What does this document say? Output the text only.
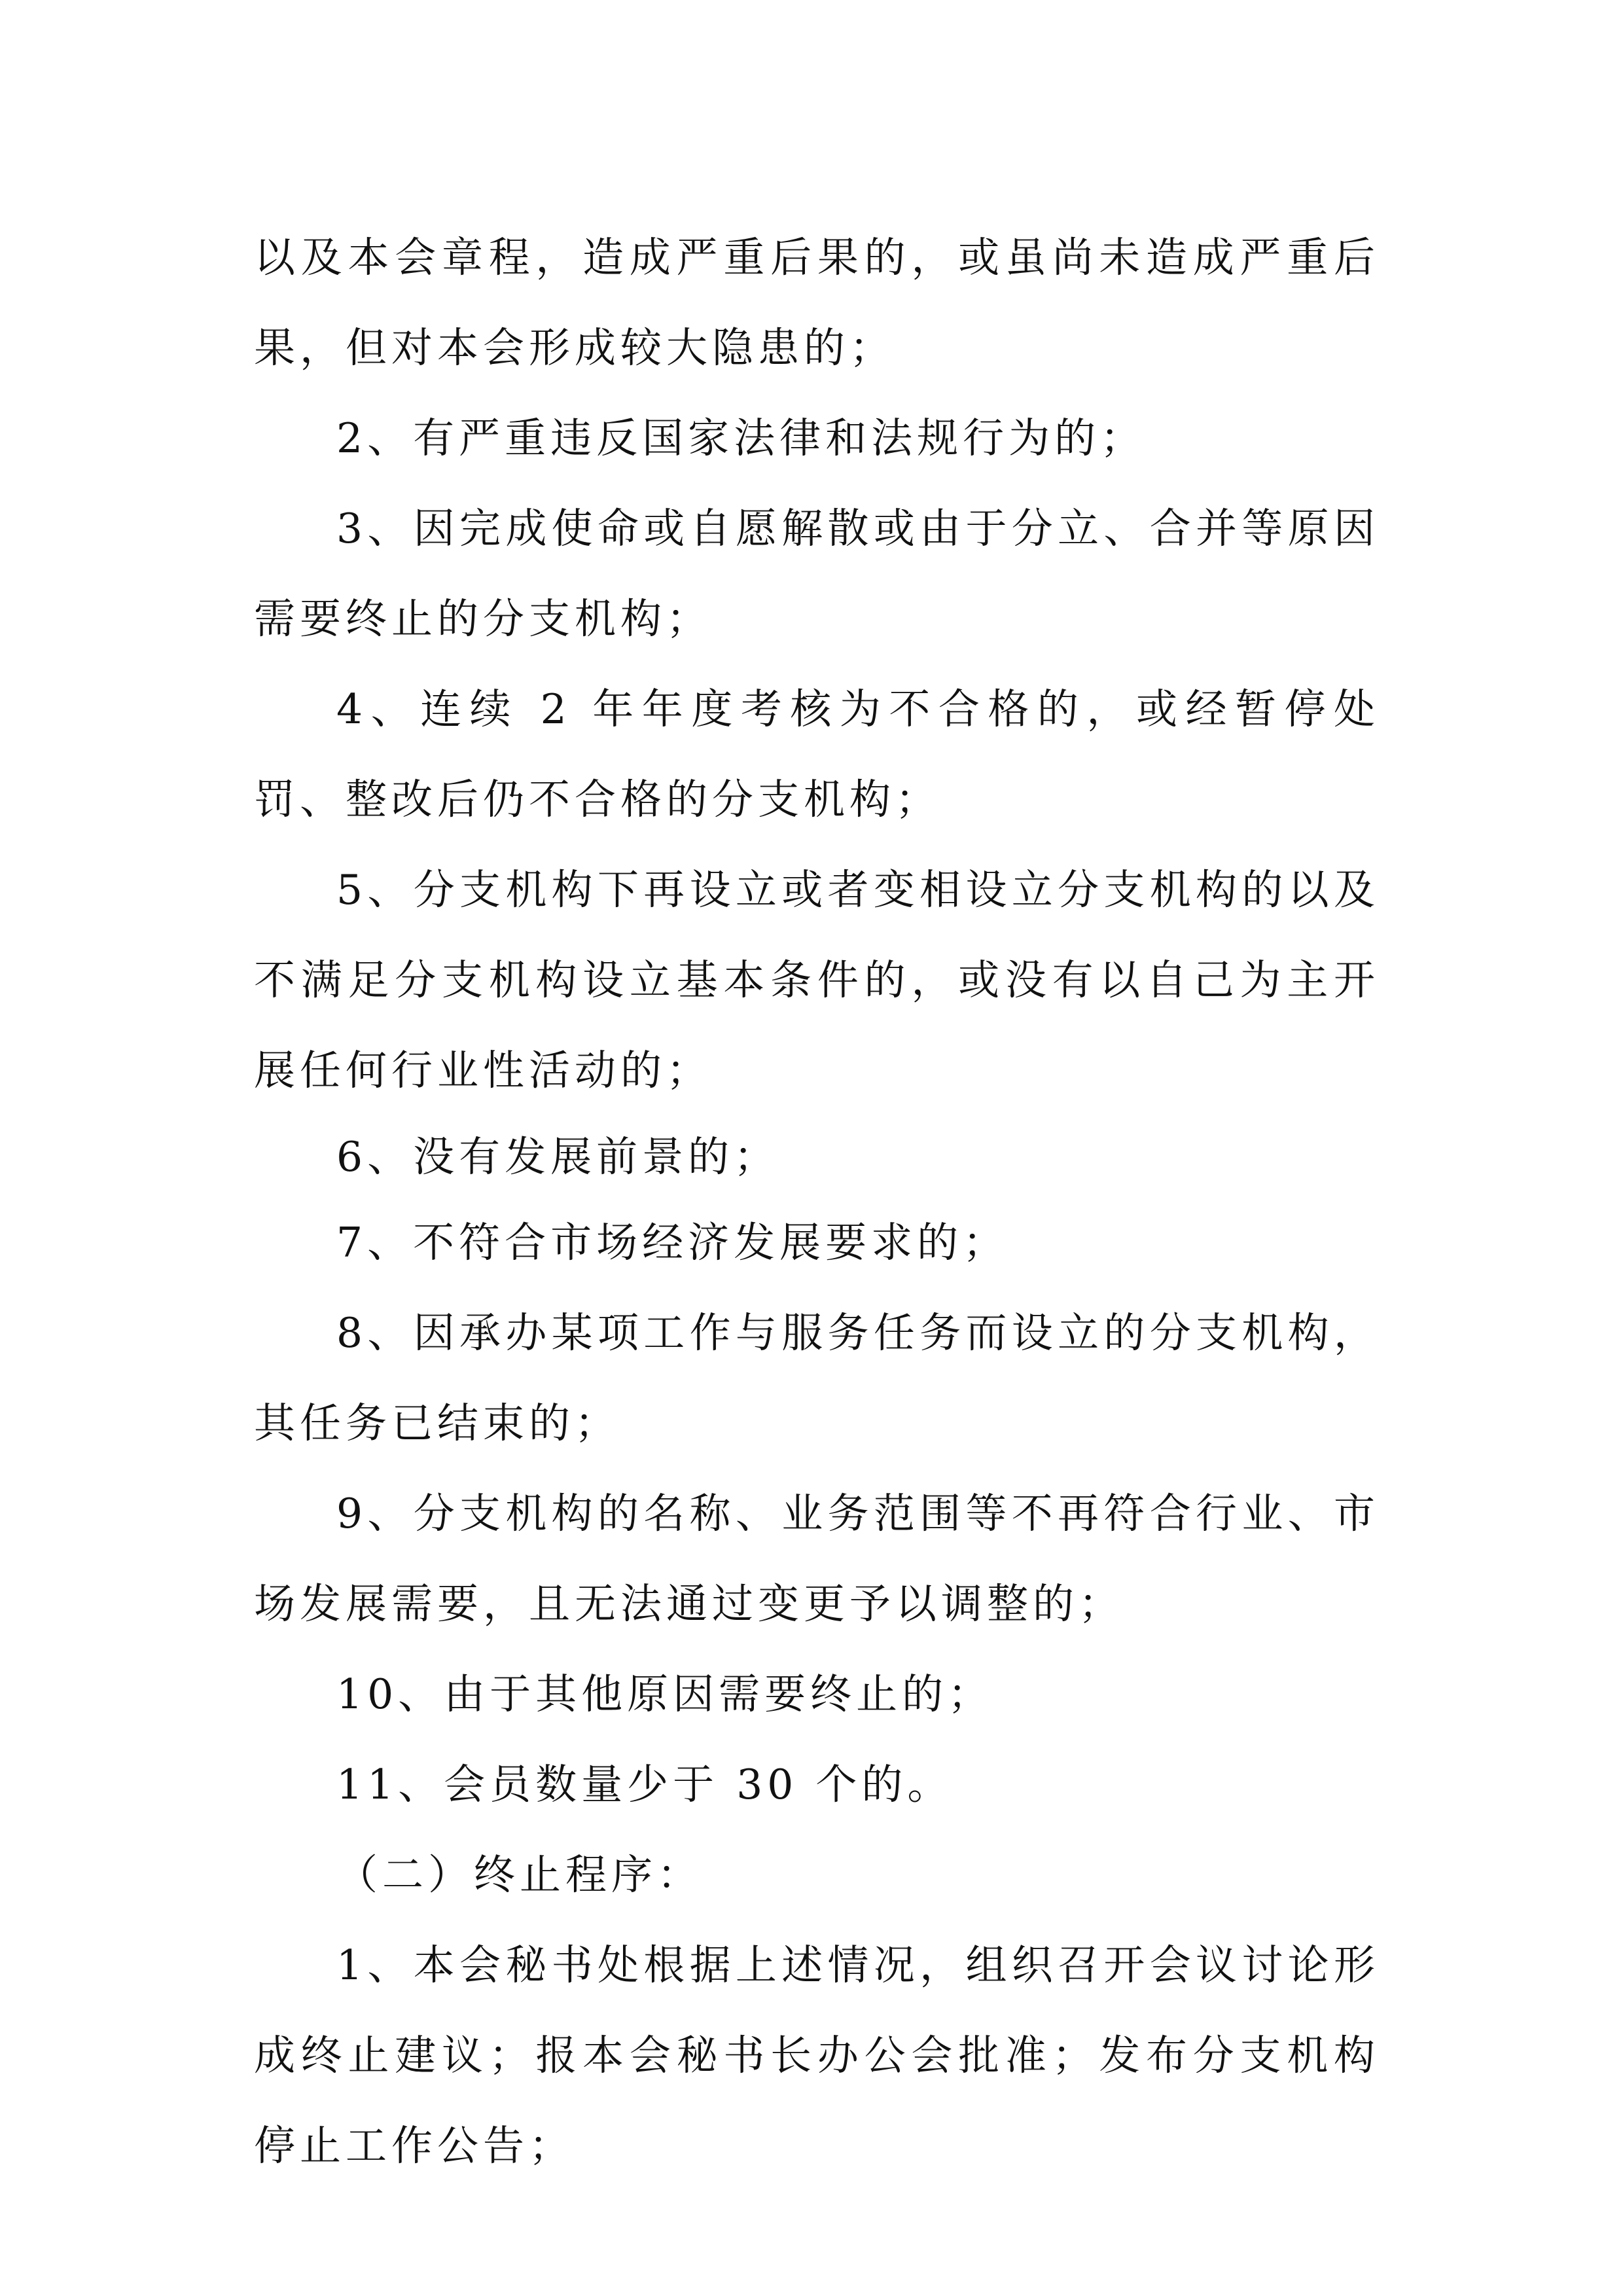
以及本会章程，造成严重后果的，或虽尚未造成严重后果，但对本会形成较大隐患的；

2、有严重违反国家法律和法规行为的；

3、因完成使命或自愿解散或由于分立、合并等原因需要终止的分支机构；

4、连续 2 年年度考核为不合格的，或经暂停处罚、整改后仍不合格的分支机构；

5、分支机构下再设立或者变相设立分支机构的以及不满足分支机构设立基本条件的，或没有以自己为主开展任何行业性活动的；

6、没有发展前景的；

7、不符合市场经济发展要求的；

8、因承办某项工作与服务任务而设立的分支机构，其任务已结束的；

9、分支机构的名称、业务范围等不再符合行业、市场发展需要，且无法通过变更予以调整的；

10、由于其他原因需要终止的；

11、会员数量少于 30 个的。

（二）终止程序：

1、本会秘书处根据上述情况，组织召开会议讨论形成终止建议；报本会秘书长办公会批准；发布分支机构停止工作公告；
